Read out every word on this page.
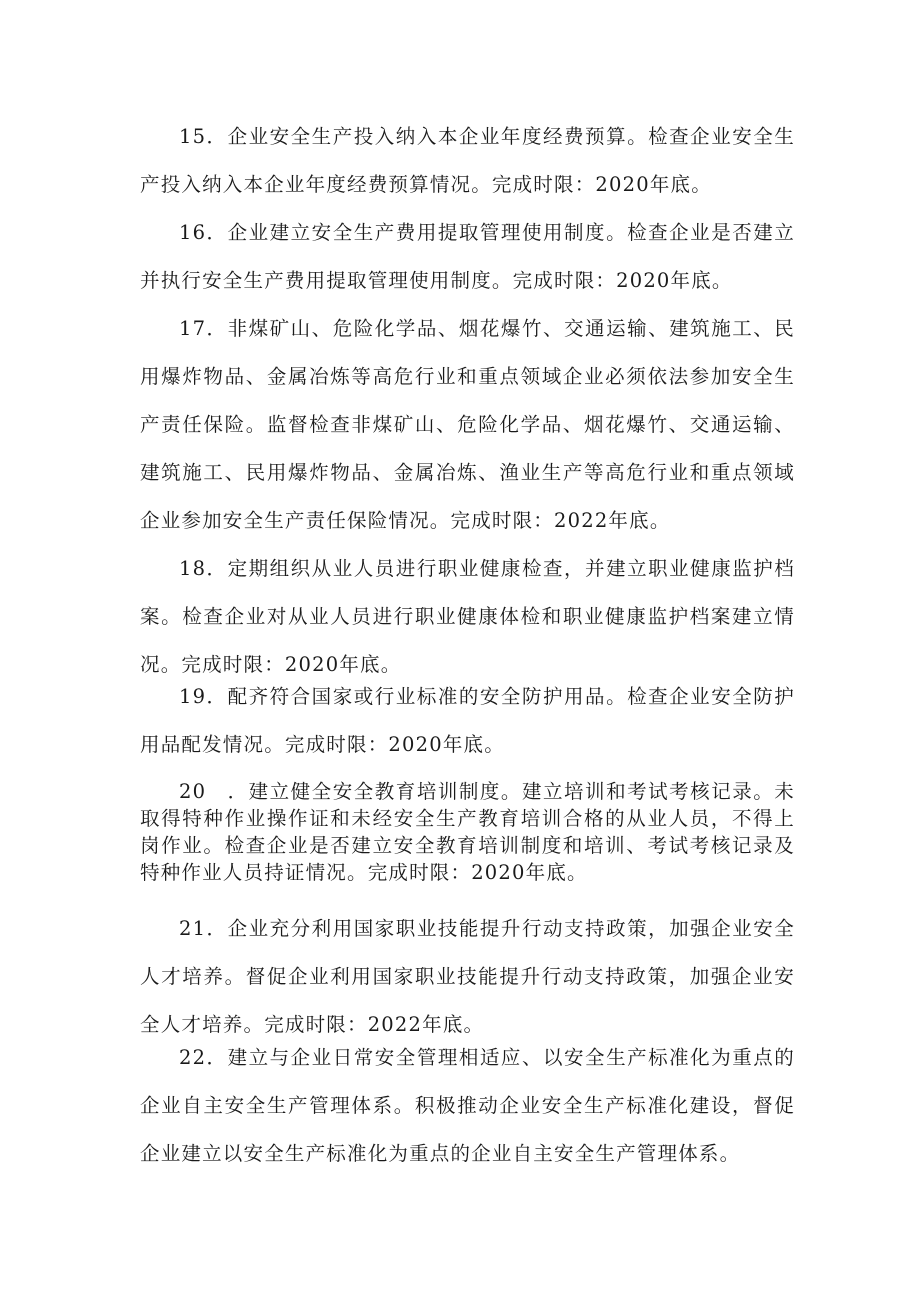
15．企业安全生产投入纳入本企业年度经费预算。检查企业安全生产投入纳入本企业年度经费预算情况。完成时限：2020年底。

16．企业建立安全生产费用提取管理使用制度。检查企业是否建立并执行安全生产费用提取管理使用制度。完成时限：2020年底。

17．非煤矿山、危险化学品、烟花爆竹、交通运输、建筑施工、民用爆炸物品、金属冶炼等高危行业和重点领域企业必须依法参加安全生产责任保险。监督检查非煤矿山、危险化学品、烟花爆竹、交通运输、建筑施工、民用爆炸物品、金属冶炼、渔业生产等高危行业和重点领域企业参加安全生产责任保险情况。完成时限：2022年底。

18．定期组织从业人员进行职业健康检查，并建立职业健康监护档案。检查企业对从业人员进行职业健康体检和职业健康监护档案建立情况。完成时限：2020年底。

19．配齐符合国家或行业标准的安全防护用品。检查企业安全防护用品配发情况。完成时限：2020年底。

20　．建立健全安全教育培训制度。建立培训和考试考核记录。未取得特种作业操作证和未经安全生产教育培训合格的从业人员，不得上岗作业。检查企业是否建立安全教育培训制度和培训、考试考核记录及特种作业人员持证情况。完成时限：2020年底。

21．企业充分利用国家职业技能提升行动支持政策，加强企业安全人才培养。督促企业利用国家职业技能提升行动支持政策，加强企业安全人才培养。完成时限：2022年底。

22．建立与企业日常安全管理相适应、以安全生产标准化为重点的企业自主安全生产管理体系。积极推动企业安全生产标准化建设，督促企业建立以安全生产标准化为重点的企业自主安全生产管理体系。
